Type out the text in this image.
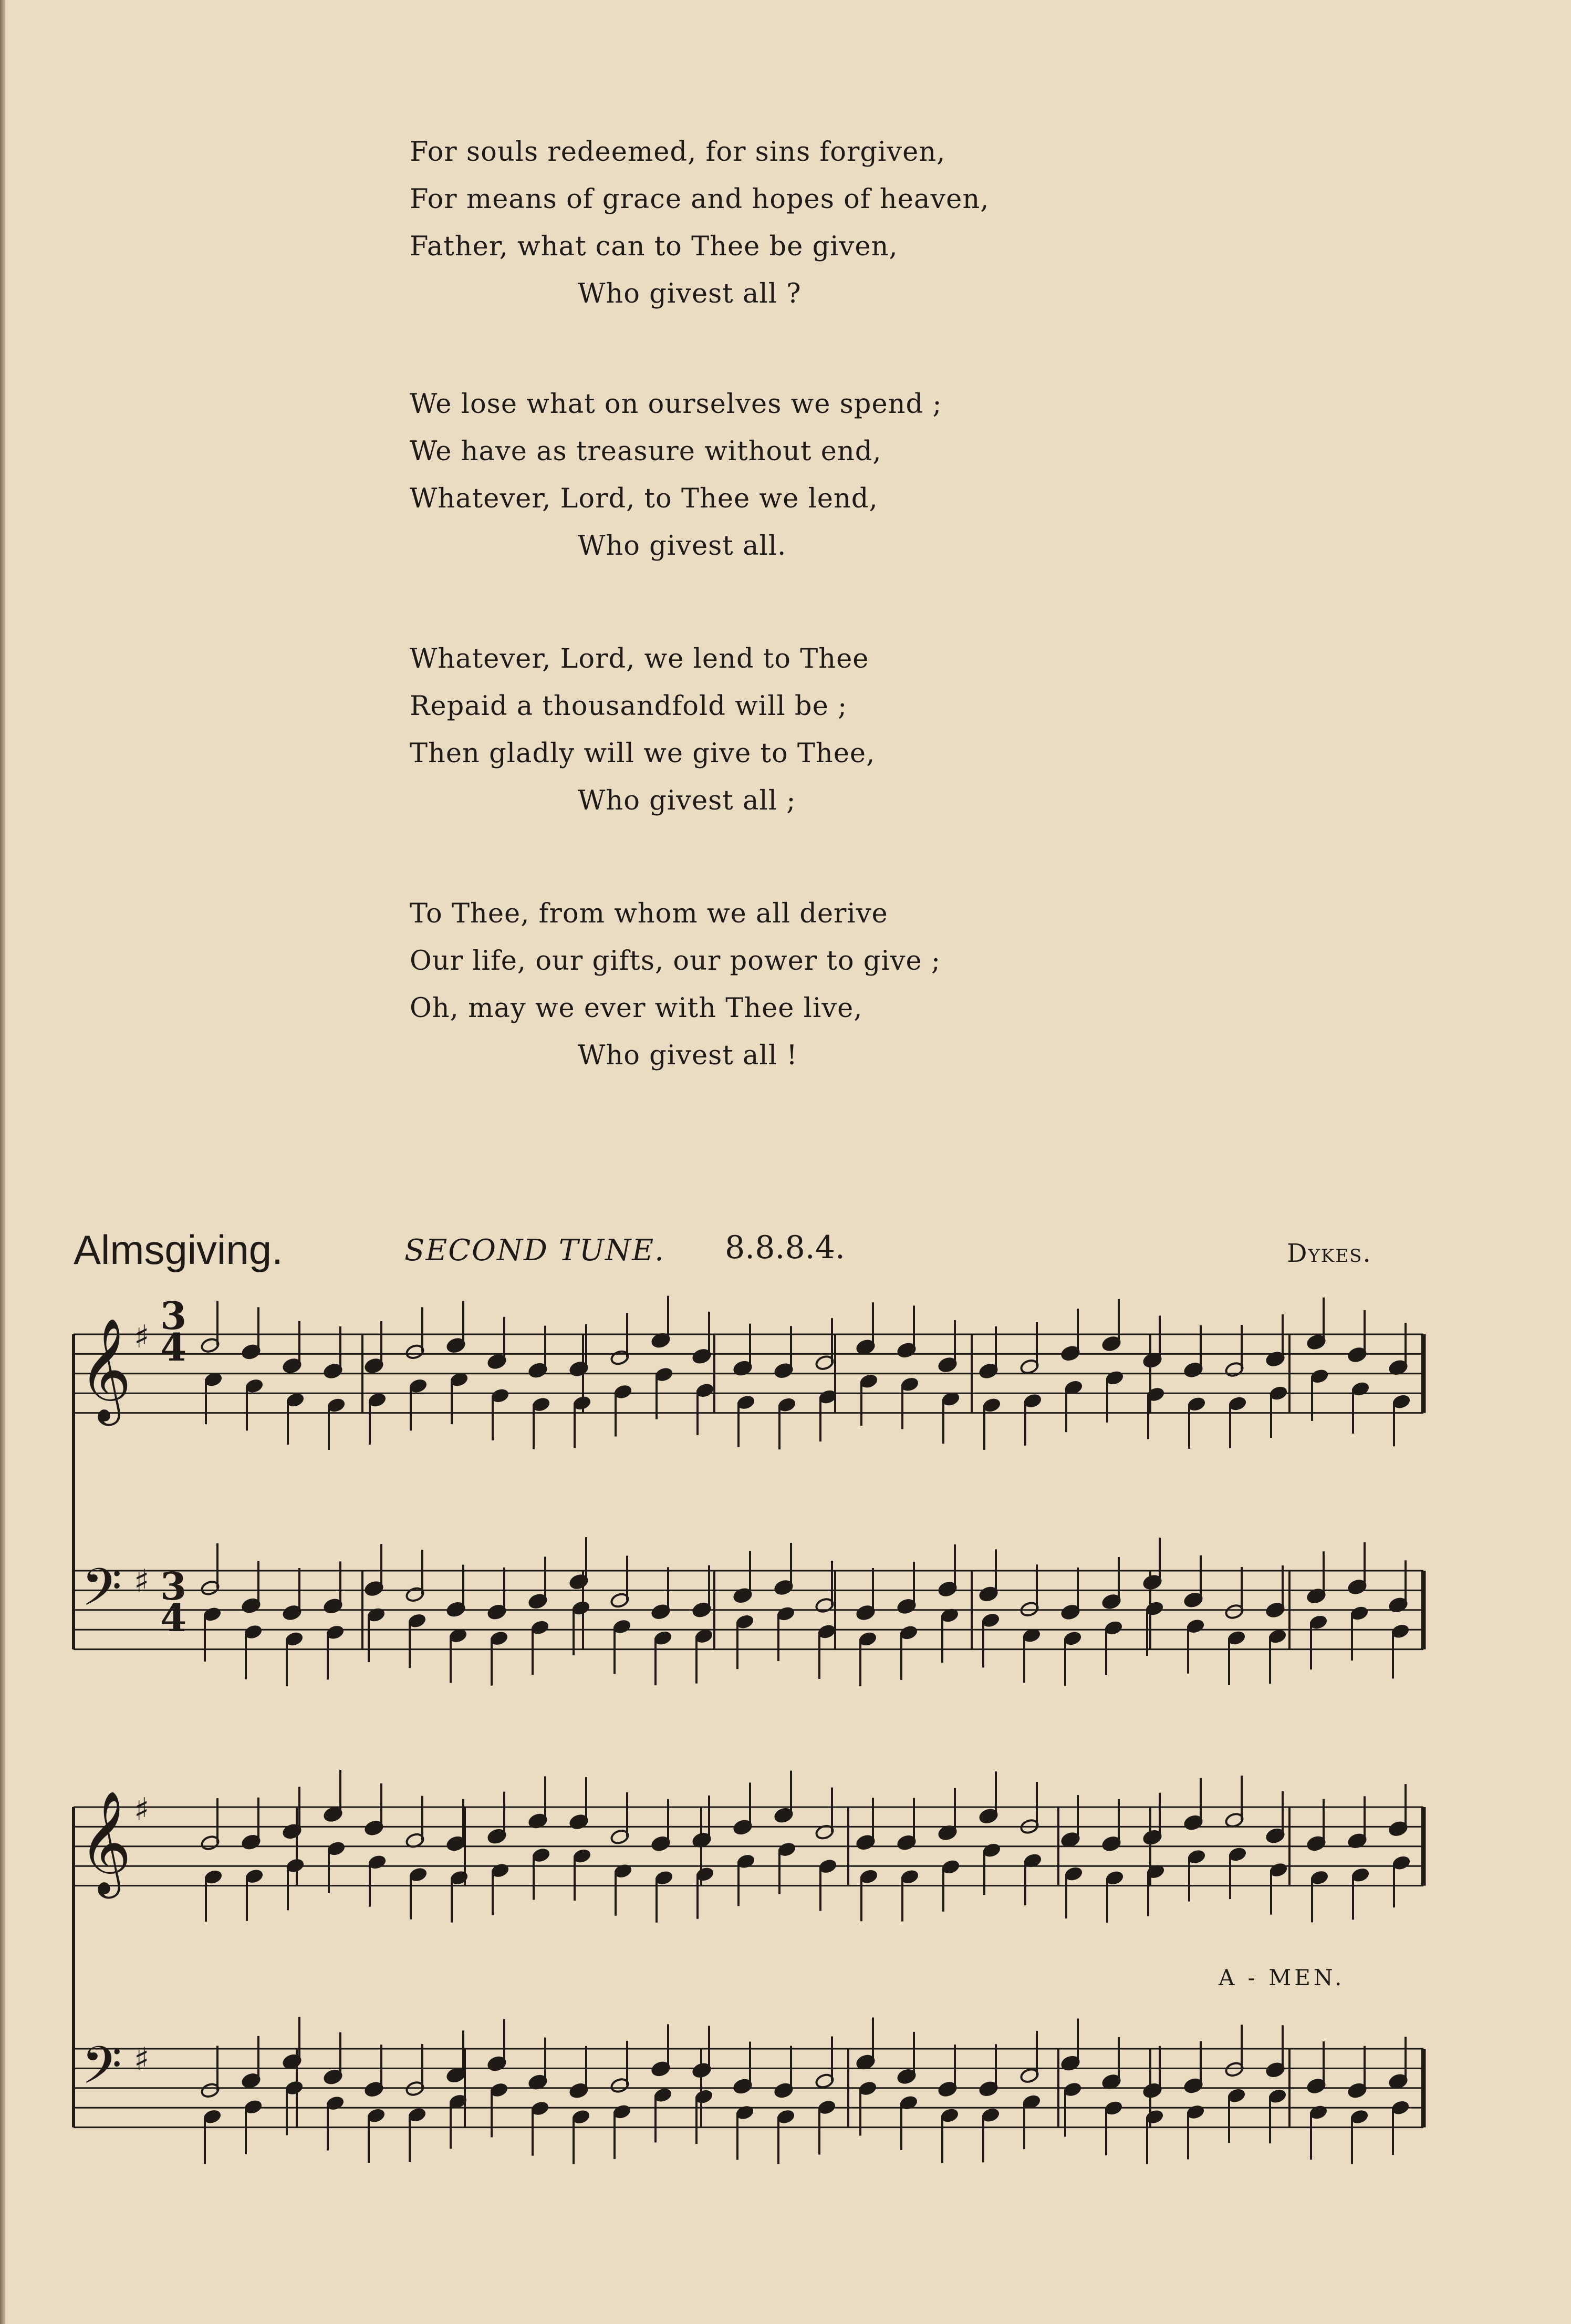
For souls redeemed, for sins forgiven,
For means of grace and hopes of heaven,
Father, what can to Thee be given,
Who givest all ?
We lose what on ourselves we spend ;
We have as treasure without end,
Whatever, Lord, to Thee we lend,
Who givest all.
Whatever, Lord, we lend to Thee
Repaid a thousandfold will be ;
Then gladly will we give to Thee,
Who givest all ;
To Thee, from whom we all derive
Our life, our gifts, our power to give ;
Oh, may we ever with Thee live,
Who givest all !
Almsgiving.	SECOND TUNE. 8.8.8.4.	Dykes.
𝄞
𝄢
♯
♯
𝄞
𝄢
♯
♯
3
4
3
4
A - MEN.
